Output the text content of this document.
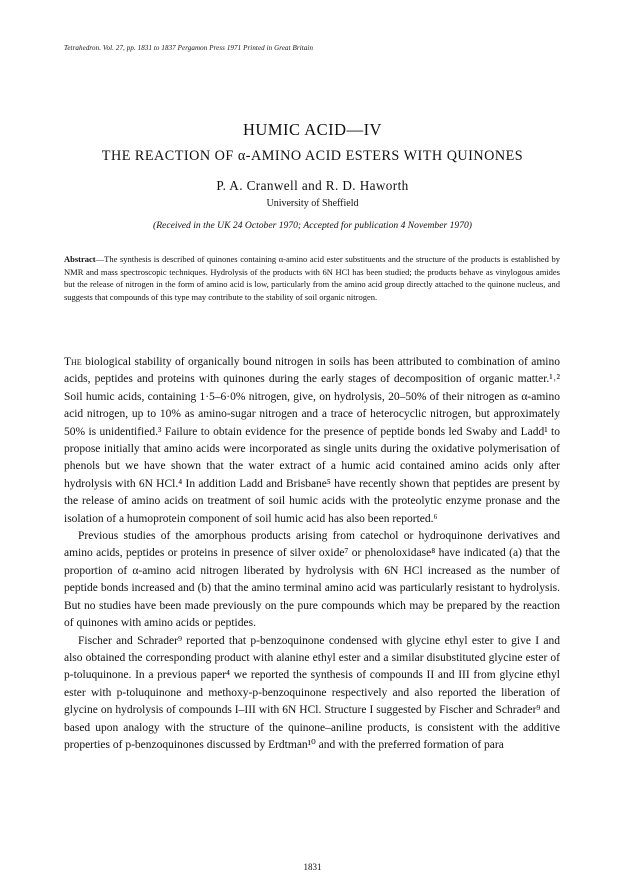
Tetrahedron. Vol. 27, pp. 1831 to 1837 Pergamon Press 1971 Printed in Great Britain
HUMIC ACID—IV
THE REACTION OF α-AMINO ACID ESTERS WITH QUINONES
P. A. Cranwell and R. D. Haworth
University of Sheffield
(Received in the UK 24 October 1970; Accepted for publication 4 November 1970)
Abstract—The synthesis is described of quinones containing α-amino acid ester substituents and the structure of the products is established by NMR and mass spectroscopic techniques. Hydrolysis of the products with 6N HCl has been studied; the products behave as vinylogous amides but the release of nitrogen in the form of amino acid is low, particularly from the amino acid group directly attached to the quinone nucleus, and suggests that compounds of this type may contribute to the stability of soil organic nitrogen.

The biological stability of organically bound nitrogen in soils has been attributed to combination of amino acids, peptides and proteins with quinones during the early stages of decomposition of organic matter.¹˒² Soil humic acids, containing 1·5–6·0% nitrogen, give, on hydrolysis, 20–50% of their nitrogen as α-amino acid nitrogen, up to 10% as amino-sugar nitrogen and a trace of heterocyclic nitrogen, but approximately 50% is unidentified.³ Failure to obtain evidence for the presence of peptide bonds led Swaby and Ladd¹ to propose initially that amino acids were incorporated as single units during the oxidative polymerisation of phenols but we have shown that the water extract of a humic acid contained amino acids only after hydrolysis with 6N HCl.⁴ In addition Ladd and Brisbane⁵ have recently shown that peptides are present by the release of amino acids on treatment of soil humic acids with the proteolytic enzyme pronase and the isolation of a humoprotein component of soil humic acid has also been reported.⁶

Previous studies of the amorphous products arising from catechol or hydroquinone derivatives and amino acids, peptides or proteins in presence of silver oxide⁷ or phenoloxidase⁸ have indicated (a) that the proportion of α-amino acid nitrogen liberated by hydrolysis with 6N HCl increased as the number of peptide bonds increased and (b) that the amino terminal amino acid was particularly resistant to hydrolysis. But no studies have been made previously on the pure compounds which may be prepared by the reaction of quinones with amino acids or peptides.

Fischer and Schrader⁹ reported that p-benzoquinone condensed with glycine ethyl ester to give I and also obtained the corresponding product with alanine ethyl ester and a similar disubstituted glycine ester of p-toluquinone. In a previous paper⁴ we reported the synthesis of compounds II and III from glycine ethyl ester with p-toluquinone and methoxy-p-benzoquinone respectively and also reported the liberation of glycine on hydrolysis of compounds I–III with 6N HCl. Structure I suggested by Fischer and Schrader⁹ and based upon analogy with the structure of the quinone–aniline products, is consistent with the additive properties of p-benzoquinones discussed by Erdtman¹⁰ and with the preferred formation of para

1831
